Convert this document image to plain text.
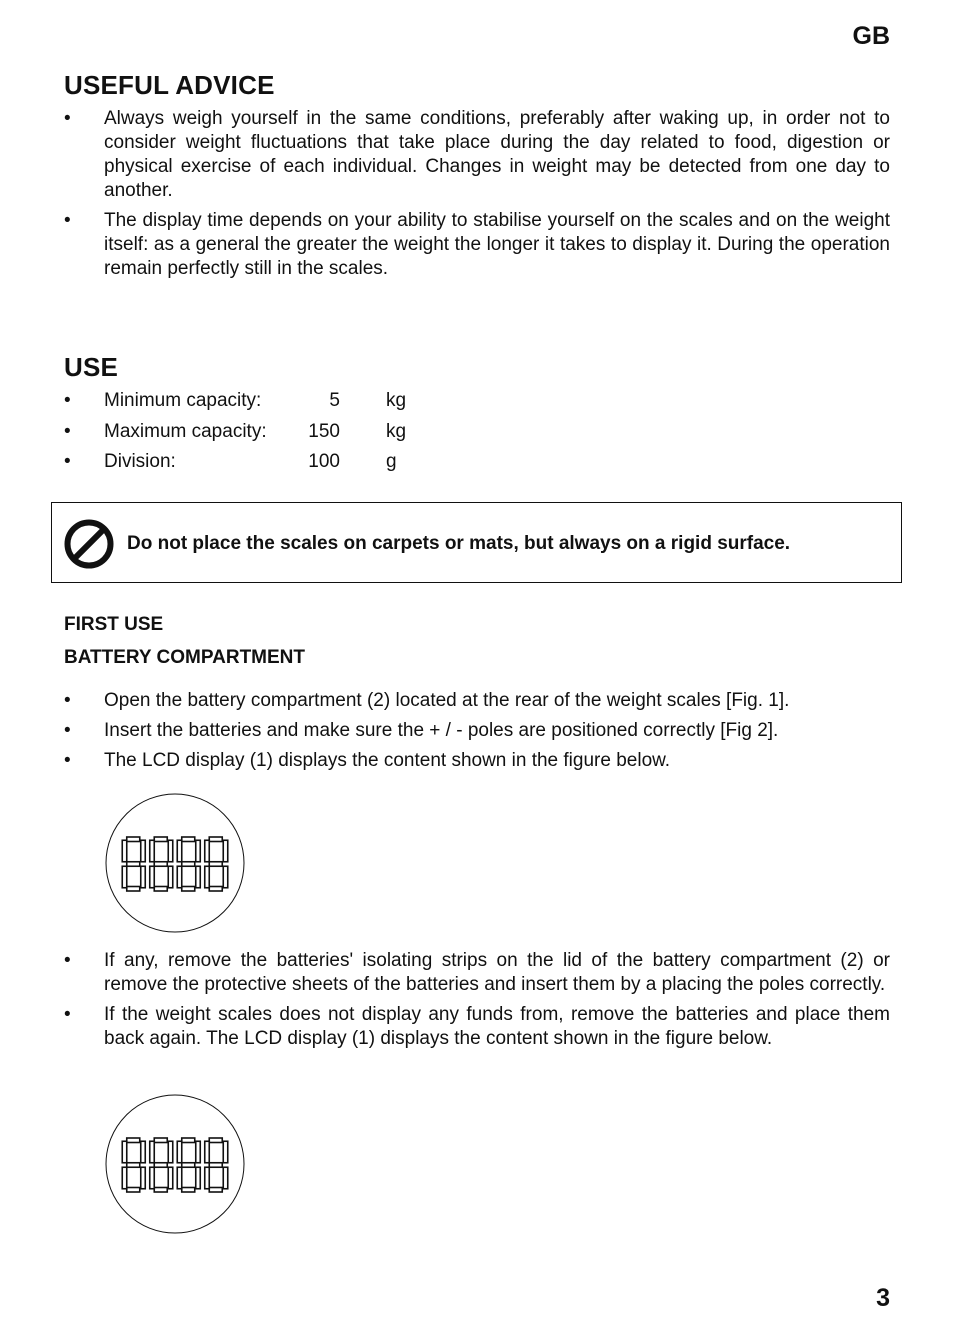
GB
USEFUL ADVICE
• Always weigh yourself in the same conditions, preferably after waking up, in order not to consider weight fluctuations that take place during the day related to food, digestion or physical exercise of each individual. Changes in weight may be detected from one day to another.
• The display time depends on your ability to stabilise yourself on the scales and on the weight itself: as a general the greater the weight the longer it takes to display it. During the operation remain perfectly still in the scales.
USE
• Minimum capacity:	5 kg
• Maximum capacity:	150 kg
• Division:	100 g
Do not place the scales on carpets or mats, but always on a rigid surface.
FIRST USE
BATTERY COMPARTMENT
• Open the battery compartment (2) located at the rear of the weight scales [Fig. 1].
• Insert the batteries and make sure the + / - poles are positioned correctly [Fig 2].
• The LCD display (1) displays the content shown in the figure below.
• If any, remove the batteries' isolating strips on the lid of the battery compartment (2) or remove the protective sheets of the batteries and insert them by a placing the poles correctly.
• If the weight scales does not display any funds from, remove the batteries and place them back again. The LCD display (1) displays the content shown in the figure below.
3
